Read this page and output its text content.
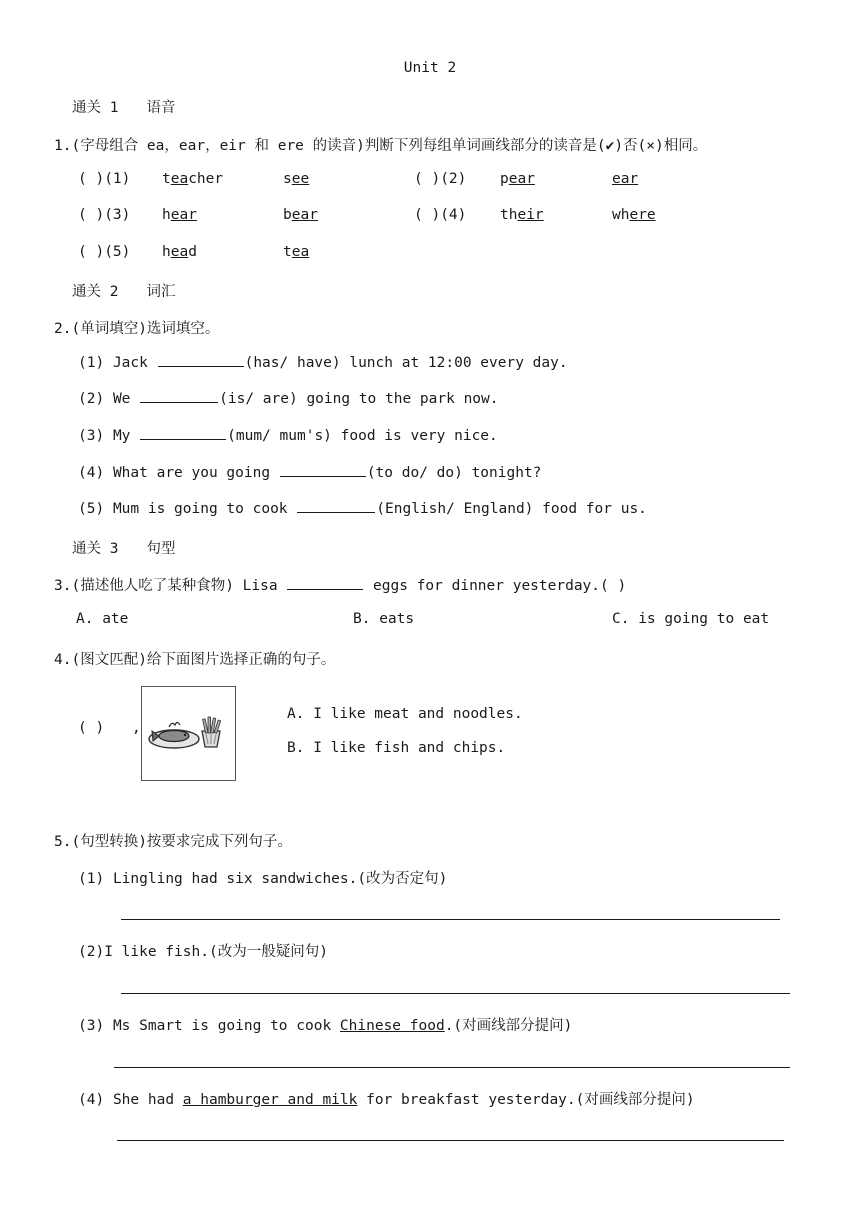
Unit 2
通关 1 语音
1.(字母组合 ea，ear，eir 和 ere 的读音)判断下列每组单词画线部分的读音是(✔)否(×)相同。
( )(1) teacher	see	( )(2) pear	ear
( )(3) hear	bear	( )(4) their	where
( )(5) head	tea
通关 2 词汇
2.(单词填空)选词填空。
(1) Jack	(has/ have) lunch at 12:00 every day.
(2) We	(is/ are) going to the park now.
(3) My	(mum/ mum's) food is very nice.
(4) What are you going	(to do/ do) tonight?
(5) Mum is going to cook	(English/ England) food for us.
通关 3 句型
3.(描述他人吃了某种食物) Lisa	eggs for dinner yesterday.( )
A. ate	B. eats	C. is going to eat
4.(图文匹配)给下面图片选择正确的句子。
( ) ,
A. I like meat and noodles.
B. I like fish and chips.
5.(句型转换)按要求完成下列句子。
(1) Lingling had six sandwiches.(改为否定句)
(2)I like fish.(改为一般疑问句)
(3) Ms Smart is going to cook Chinese food.(对画线部分提问)
(4) She had a hamburger and milk for breakfast yesterday.(对画线部分提问)
